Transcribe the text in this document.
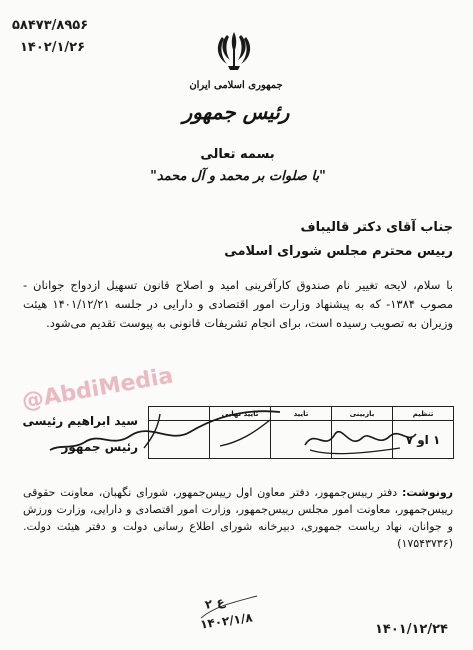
۵۸۴۷۳/۸۹۵۶
۱۴۰۲/۱/۲۶
جمهوری اسلامی ایران
رئیس جمهور
بسمه تعالی
"با صلوات بر محمد و آل محمد"
جناب آقای دکتر قالیباف
رییس محترم مجلس شورای اسلامی
با سلام، لایحه تغییر نام صندوق کارآفرینی امید و اصلاح قانون تسهیل ازدواج جوانان - مصوب ۱۳۸۴- که به پیشنهاد وزارت امور اقتصادی و دارایی در جلسه ۱۴۰۱/۱۲/۲۱ هیئت وزیران به تصویب رسیده است، برای انجام تشریفات قانونی به پیوست تقدیم می‌شود.
@AbdiMedia	تنظیم	بازبینی	تایید	تایید نهایی	
۱ او ۷				
سید ابراهیم رئیسی
رئیس جمهور
رونوشت: دفتر رییس‌جمهور، دفتر معاون اول رییس‌جمهور، شورای نگهبان، معاونت حقوقی رییس‌جمهور، معاونت امور مجلس رییس‌جمهور، وزارت امور اقتصادی و دارایی، وزارت ورزش و جوانان، نهاد ریاست جمهوری، دبیرخانه شورای اطلاع رسانی دولت و دفتر هیئت دولت.(۱۷۵۴۳۷۳۶)
ع ۲
۱۴۰۲/۱/۸	۱۴۰۱/۱۲/۲۴
